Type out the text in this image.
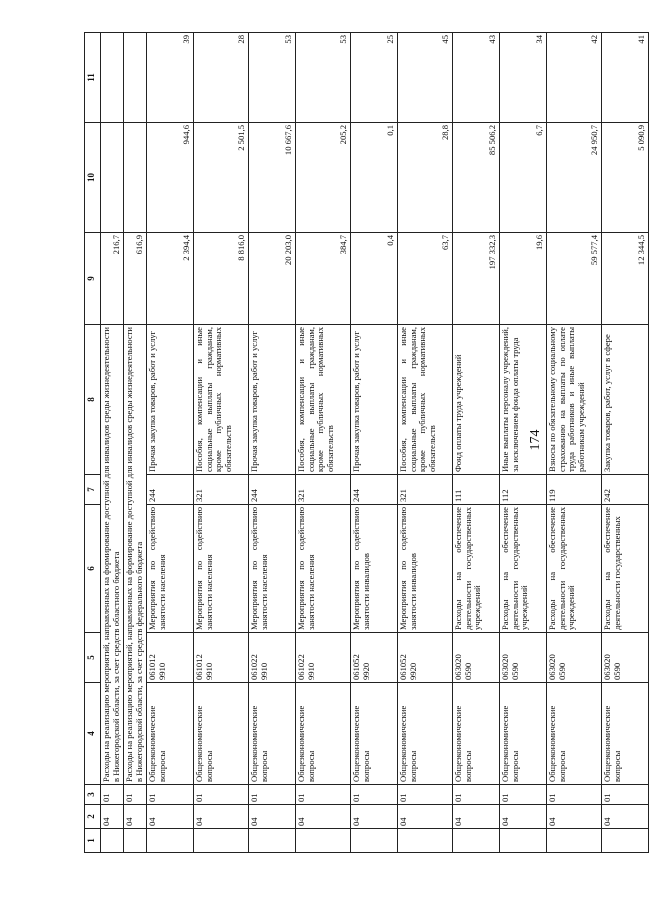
174
1	2	3	4	5	6	7	8	9	10	11
	04	01	Расходы на реализацию мероприятий, направленных на формирование доступной для инвалидов среды жизнедеятельности в Нижегородской области, за счет средств областного бюджета					216,7		
	04	01	Расходы на реализацию мероприятий, направленных на формирование доступной для инвалидов среды жизнедеятельности в Нижегородской области, за счет средств федерального бюджета					616,9		
	04	01	Общеэкономические вопросы	061012 9910	Мероприятия по содействию занятости населения	244	Прочая закупка товаров, работ и услуг	2 394,4	944,6	39
	04	01	Общеэкономические вопросы	061012 9910	Мероприятия по содействию занятости населения	321	Пособия, компенсации и иные социальные выплаты гражданам, кроме публичных нормативных обязательств	8 816,0	2 501,5	28
	04	01	Общеэкономические вопросы	061022 9910	Мероприятия по содействию занятости населения	244	Прочая закупка товаров, работ и услуг	20 203,0	10 667,6	53
	04	01	Общеэкономические вопросы	061022 9910	Мероприятия по содействию занятости населения	321	Пособия, компенсации и иные социальные выплаты гражданам, кроме публичных нормативных обязательств	384,7	205,2	53
	04	01	Общеэкономические вопросы	061052 9920	Мероприятия по содействию занятости инвалидов	244	Прочая закупка товаров, работ и услуг	0,4	0,1	25
	04	01	Общеэкономические вопросы	061052 9920	Мероприятия по содействию занятости инвалидов	321	Пособия, компенсации и иные социальные выплаты гражданам, кроме публичных нормативных обязательств	63,7	28,8	45
	04	01	Общеэкономические вопросы	063020 0590	Расходы на обеспечение деятельности государственных учреждений	111	Фонд оплаты труда учреждений	197 332,3	85 506,2	43
	04	01	Общеэкономические вопросы	063020 0590	Расходы на обеспечение деятельности государственных учреждений	112	Иные выплаты персоналу учреждений, за исключением фонда оплаты труда	19,6	6,7	34
	04	01	Общеэкономические вопросы	063020 0590	Расходы на обеспечение деятельности государственных учреждений	119	Взносы по обязательному социальному страхованию на выплаты по оплате труда работников и иные выплаты работникам учреждений	59 577,4	24 950,7	42
	04	01	Общеэкономические вопросы	063020 0590	Расходы на обеспечение деятельности государственных	242	Закупка товаров, работ, услуг в сфере	12 344,5	5 090,9	41
